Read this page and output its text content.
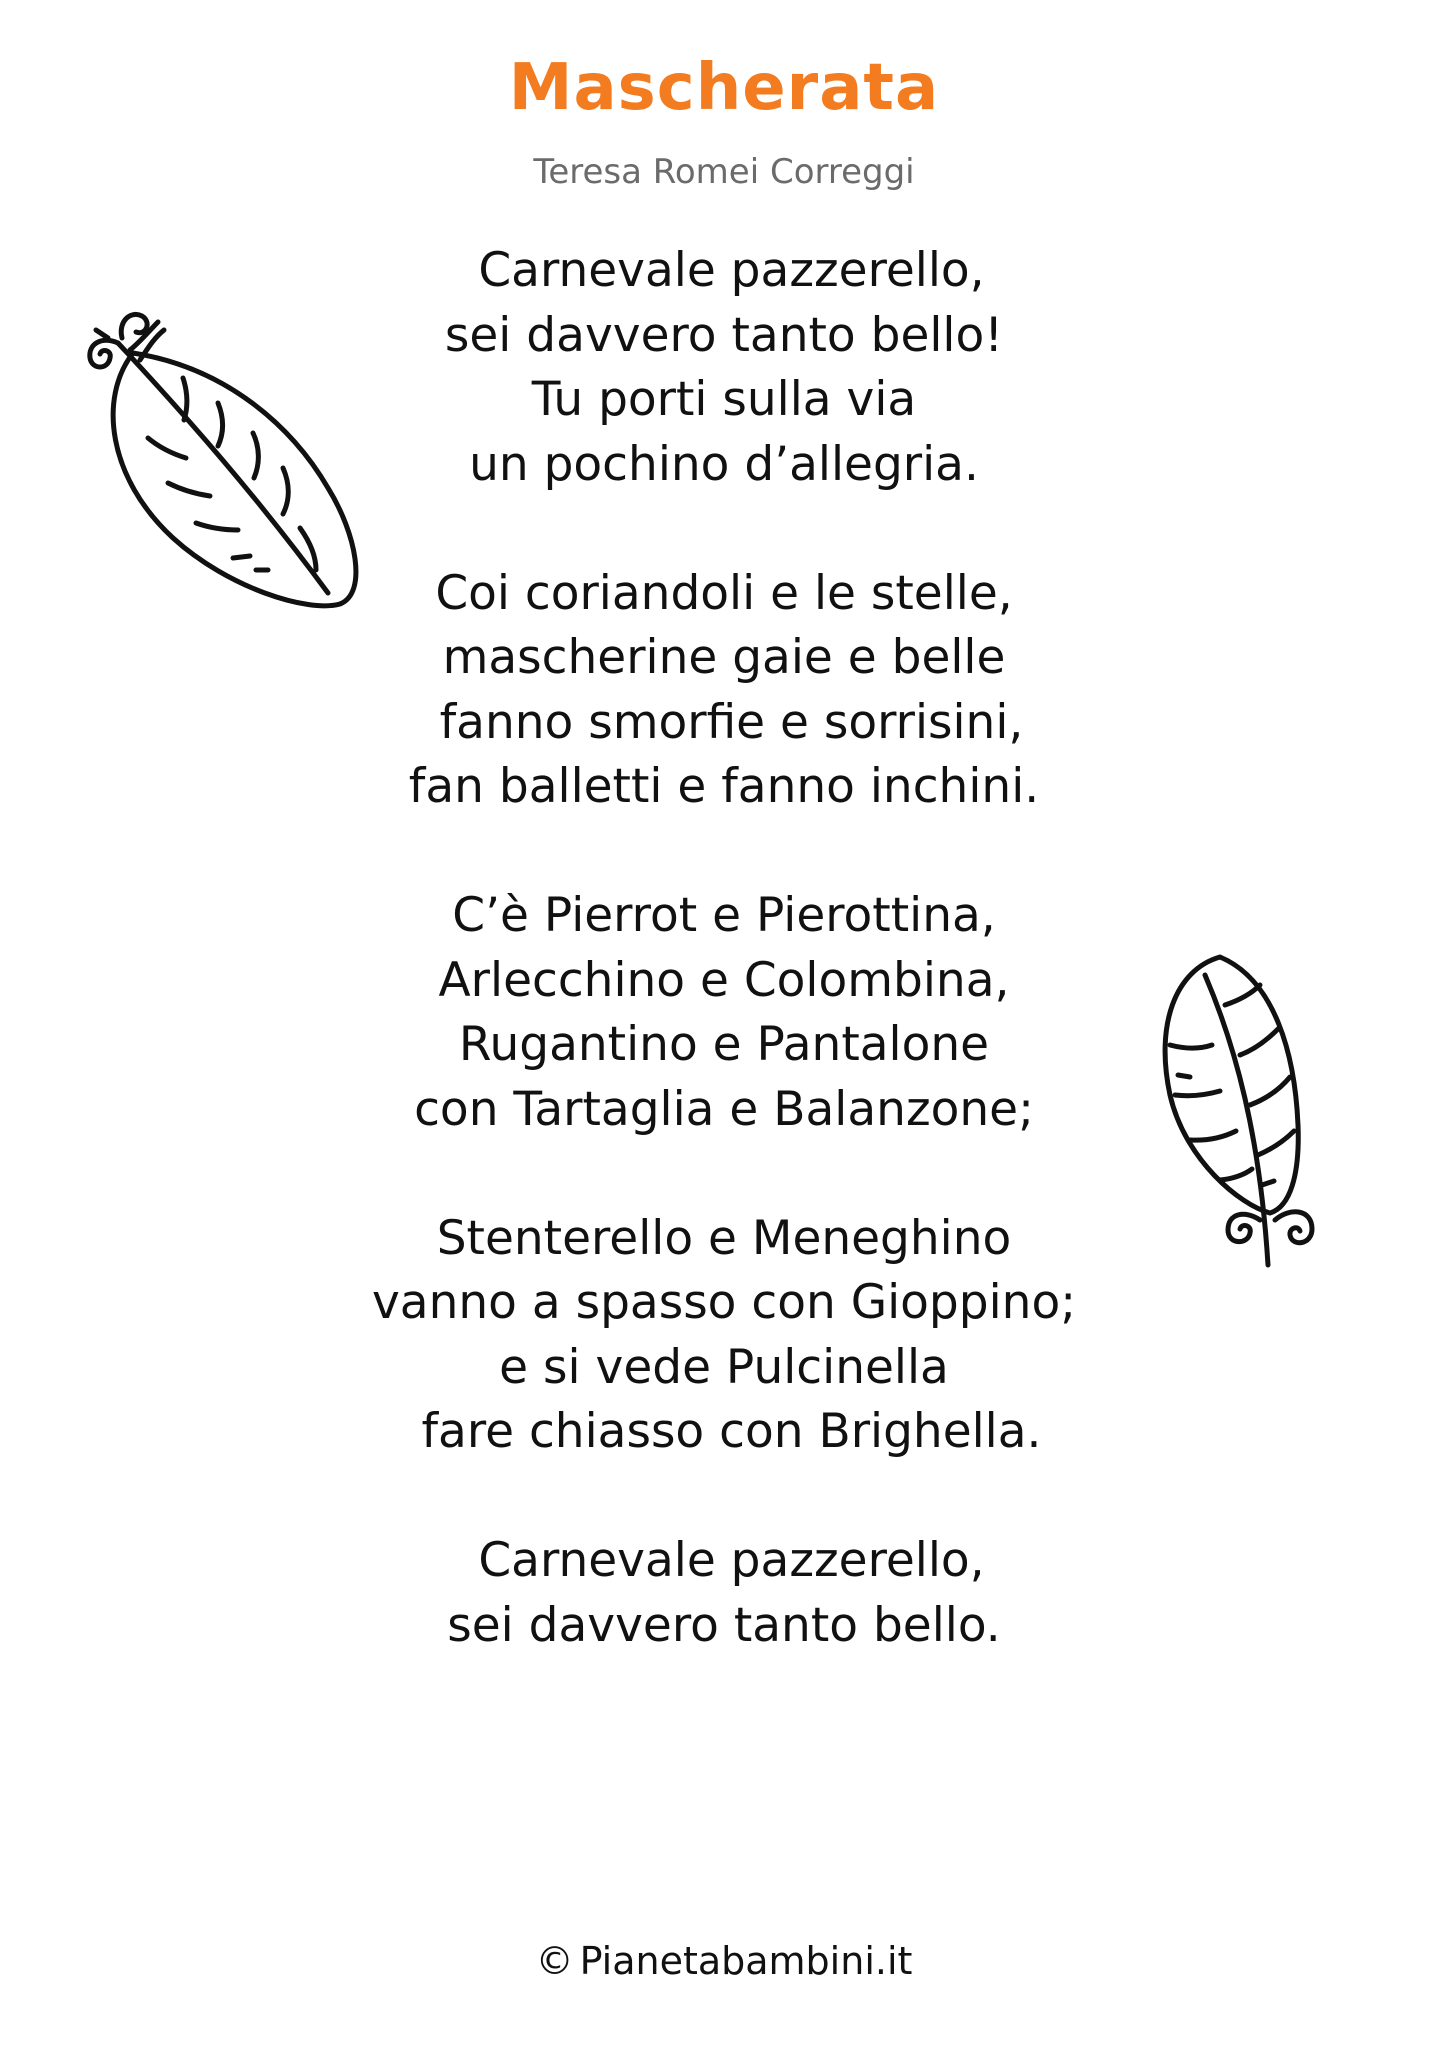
Mascherata
Teresa Romei Correggi
Carnevale pazzerello,
sei davvero tanto bello!
Tu porti sulla via
un pochino d’allegria.
Coi coriandoli e le stelle,
mascherine gaie e belle
fanno smorfie e sorrisini,
fan balletti e fanno inchini.
C’è Pierrot e Pierottina,
Arlecchino e Colombina,
Rugantino e Pantalone
con Tartaglia e Balanzone;
Stenterello e Meneghino
vanno a spasso con Gioppino;
e si vede Pulcinella
fare chiasso con Brighella.
Carnevale pazzerello,
sei davvero tanto bello.
© Pianetabambini.it
